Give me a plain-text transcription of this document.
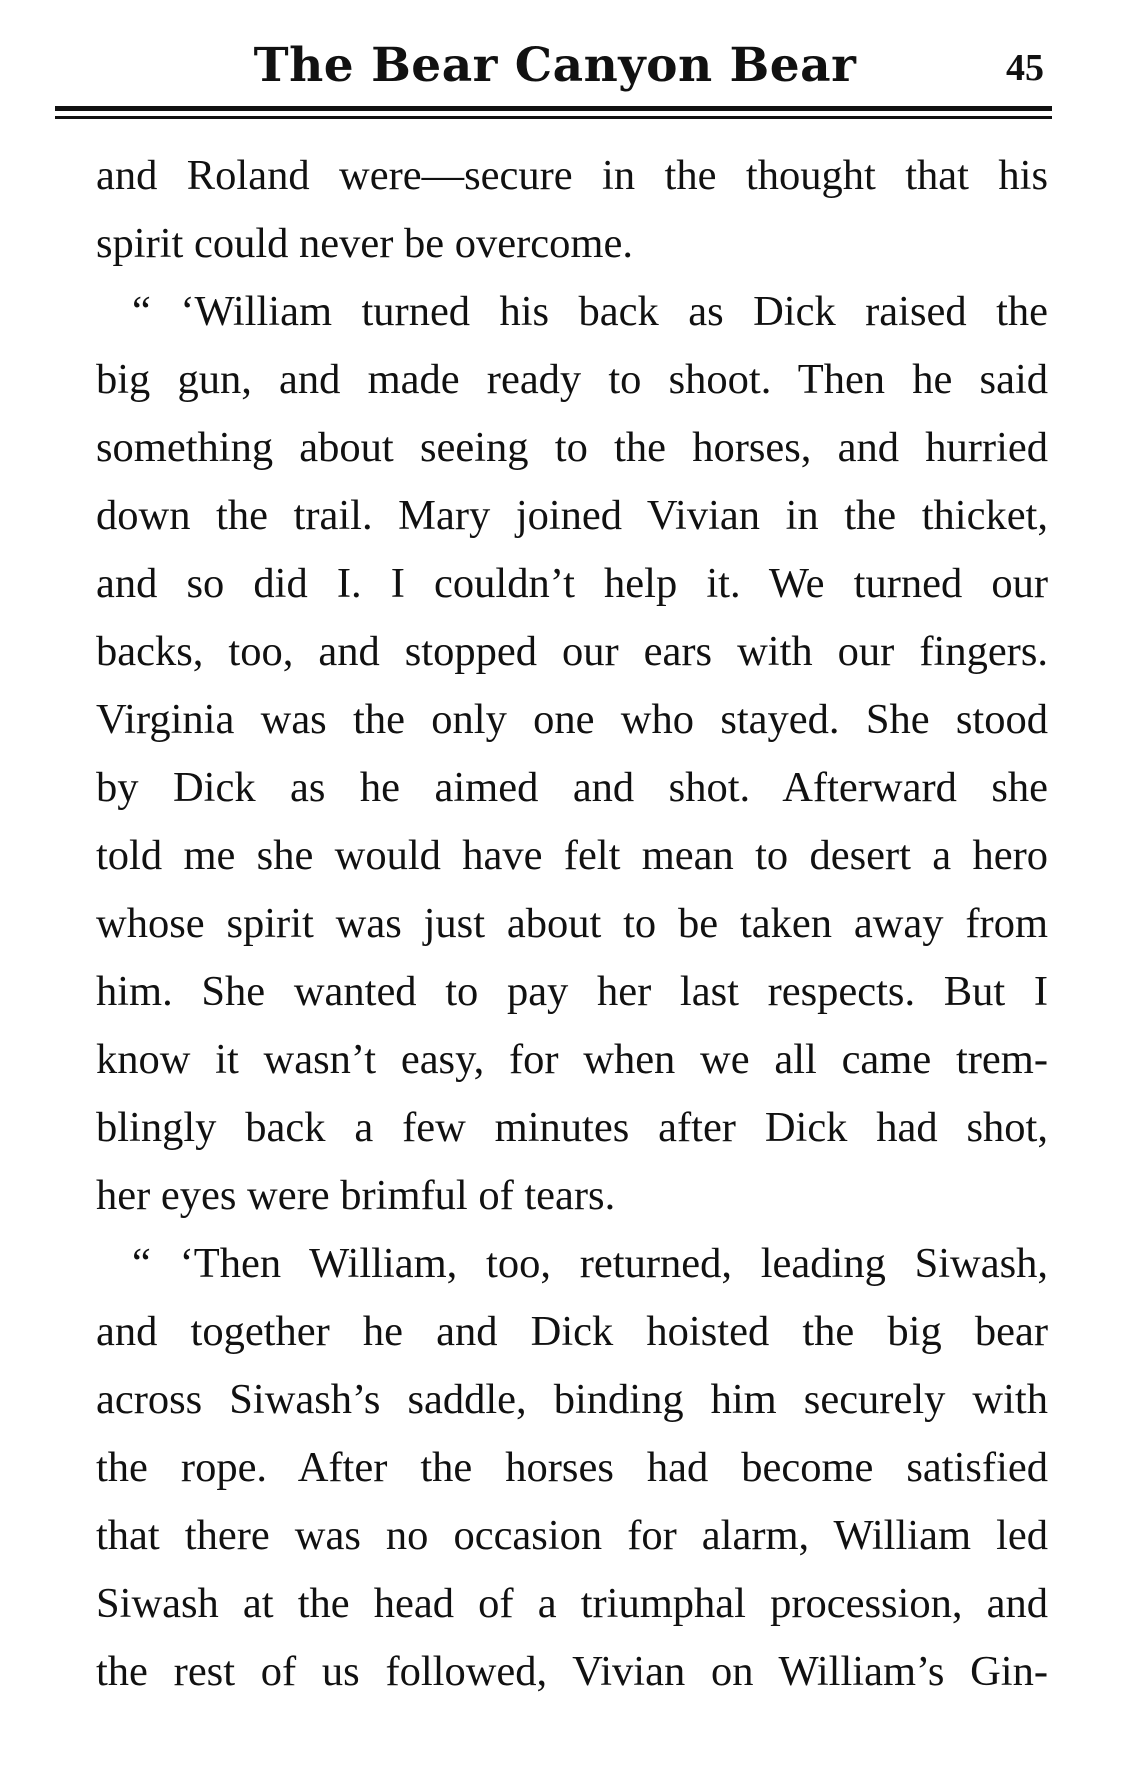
The Bear Canyon Bear	45
and Roland were—secure in the thought that his
spirit could never be overcome.
“ ‘William turned his back as Dick raised the
big gun, and made ready to shoot. Then he said
something about seeing to the horses, and hurried
down the trail. Mary joined Vivian in the thicket,
and so did I. I couldn’t help it. We turned our
backs, too, and stopped our ears with our fingers.
Virginia was the only one who stayed. She stood
by Dick as he aimed and shot. Afterward she
told me she would have felt mean to desert a hero
whose spirit was just about to be taken away from
him. She wanted to pay her last respects. But I
know it wasn’t easy, for when we all came trem-
blingly back a few minutes after Dick had shot,
her eyes were brimful of tears.
“ ‘Then William, too, returned, leading Siwash,
and together he and Dick hoisted the big bear
across Siwash’s saddle, binding him securely with
the rope. After the horses had become satisfied
that there was no occasion for alarm, William led
Siwash at the head of a triumphal procession, and
the rest of us followed, Vivian on William’s Gin-
